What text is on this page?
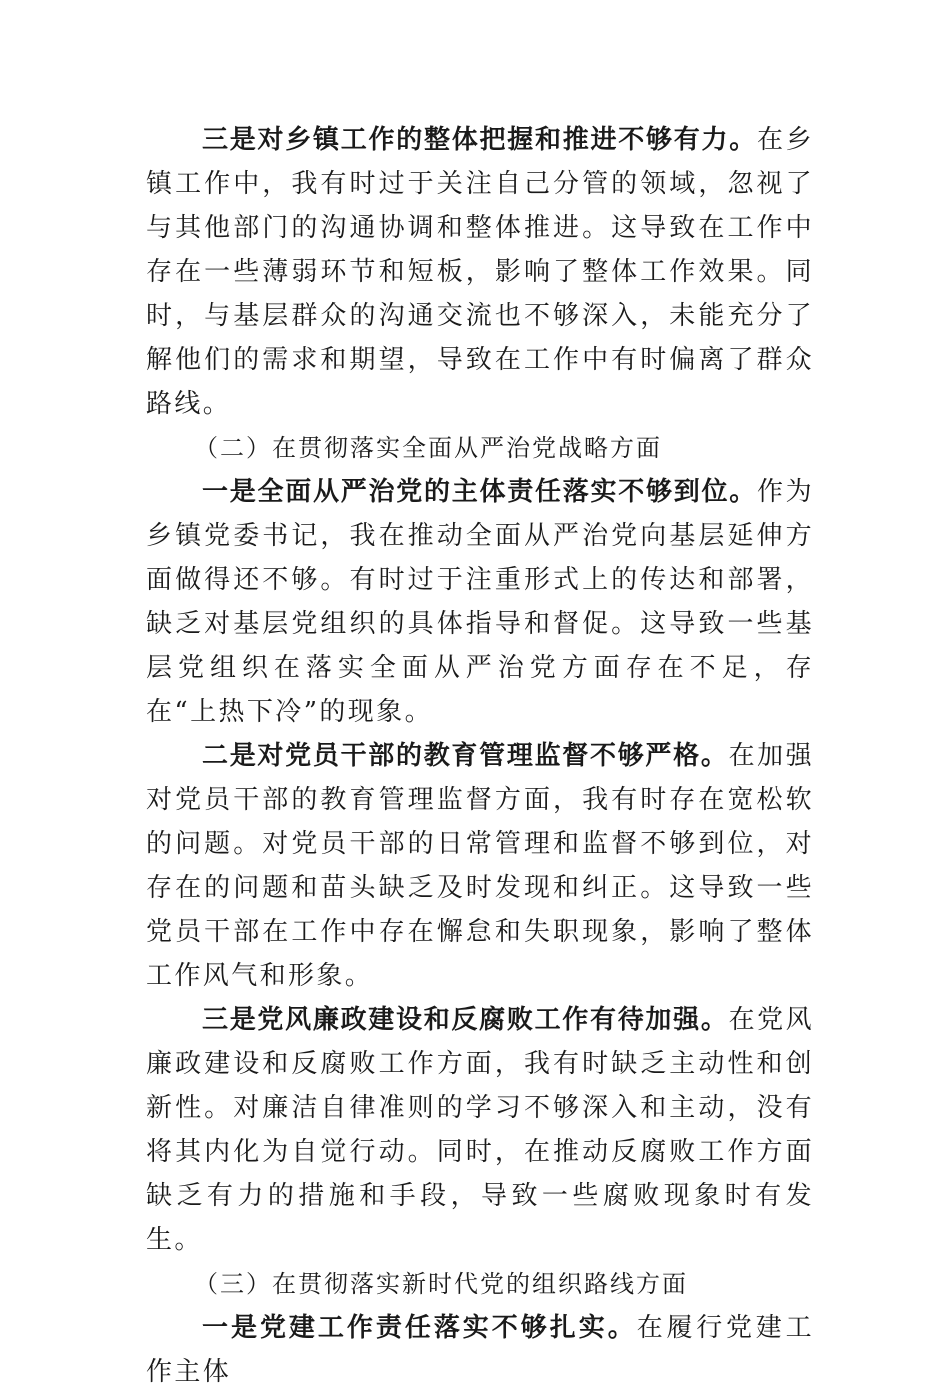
三是对乡镇工作的整体把握和推进不够有力。在乡镇工作中，我有时过于关注自己分管的领域，忽视了与其他部门的沟通协调和整体推进。这导致在工作中存在一些薄弱环节和短板，影响了整体工作效果。同时，与基层群众的沟通交流也不够深入，未能充分了解他们的需求和期望，导致在工作中有时偏离了群众路线。

（二）在贯彻落实全面从严治党战略方面

一是全面从严治党的主体责任落实不够到位。作为乡镇党委书记，我在推动全面从严治党向基层延伸方面做得还不够。有时过于注重形式上的传达和部署，缺乏对基层党组织的具体指导和督促。这导致一些基层党组织在落实全面从严治党方面存在不足，存在“上热下冷”的现象。

二是对党员干部的教育管理监督不够严格。在加强对党员干部的教育管理监督方面，我有时存在宽松软的问题。对党员干部的日常管理和监督不够到位，对存在的问题和苗头缺乏及时发现和纠正。这导致一些党员干部在工作中存在懈怠和失职现象，影响了整体工作风气和形象。

三是党风廉政建设和反腐败工作有待加强。在党风廉政建设和反腐败工作方面，我有时缺乏主动性和创新性。对廉洁自律准则的学习不够深入和主动，没有将其内化为自觉行动。同时，在推动反腐败工作方面缺乏有力的措施和手段，导致一些腐败现象时有发生。

（三）在贯彻落实新时代党的组织路线方面

一是党建工作责任落实不够扎实。在履行党建工作主体
